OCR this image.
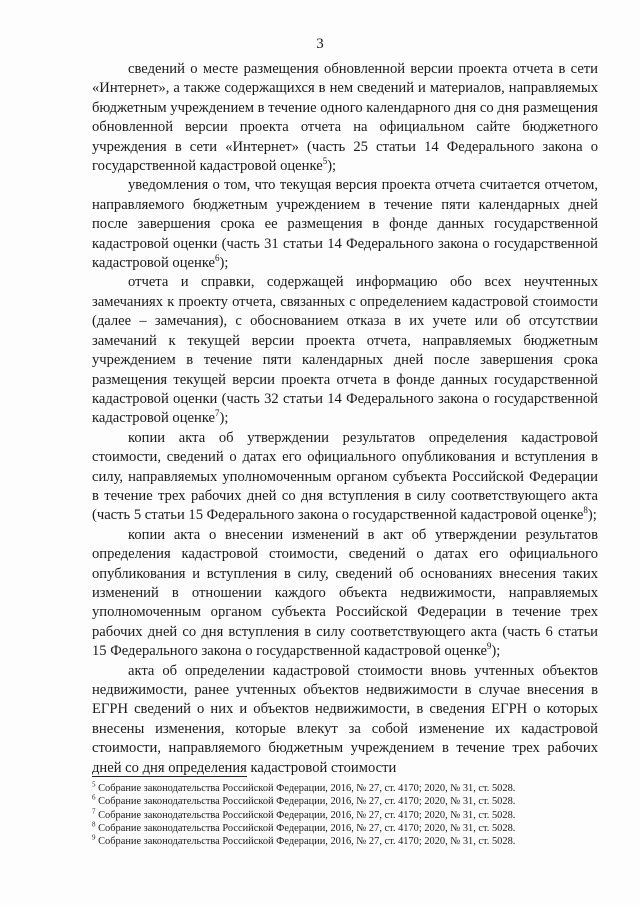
3

сведений о месте размещения обновленной версии проекта отчета в сети «Интернет», а также содержащихся в нем сведений и материалов, направляемых бюджетным учреждением в течение одного календарного дня со дня размещения обновленной версии проекта отчета на официальном сайте бюджетного учреждения в сети «Интернет» (часть 25 статьи 14 Федерального закона о государственной кадастровой оценке$^5$);

уведомления о том, что текущая версия проекта отчета считается отчетом, направляемого бюджетным учреждением в течение пяти календарных дней после завершения срока ее размещения в фонде данных государственной кадастровой оценки (часть 31 статьи 14 Федерального закона о государственной кадастровой оценке$^6$);

отчета и справки, содержащей информацию обо всех неучтенных замечаниях к проекту отчета, связанных с определением кадастровой стоимости (далее – замечания), с обоснованием отказа в их учете или об отсутствии замечаний к текущей версии проекта отчета, направляемых бюджетным учреждением в течение пяти календарных дней после завершения срока размещения текущей версии проекта отчета в фонде данных государственной кадастровой оценки (часть 32 статьи 14 Федерального закона о государственной кадастровой оценке$^7$);

копии акта об утверждении результатов определения кадастровой стоимости, сведений о датах его официального опубликования и вступления в силу, направляемых уполномоченным органом субъекта Российской Федерации в течение трех рабочих дней со дня вступления в силу соответствующего акта (часть 5 статьи 15 Федерального закона о государственной кадастровой оценке$^8$);

копии акта о внесении изменений в акт об утверждении результатов определения кадастровой стоимости, сведений о датах его официального опубликования и вступления в силу, сведений об основаниях внесения таких изменений в отношении каждого объекта недвижимости, направляемых уполномоченным органом субъекта Российской Федерации в течение трех рабочих дней со дня вступления в силу соответствующего акта (часть 6 статьи 15 Федерального закона о государственной кадастровой оценке$^9$);

акта об определении кадастровой стоимости вновь учтенных объектов недвижимости, ранее учтенных объектов недвижимости в случае внесения в ЕГРН сведений о них и объектов недвижимости, в сведения ЕГРН о которых внесены изменения, которые влекут за собой изменение их кадастровой стоимости, направляемого бюджетным учреждением в течение трех рабочих дней со дня определения кадастровой стоимости

$^5$ Собрание законодательства Российской Федерации, 2016, № 27, ст. 4170; 2020, № 31, ст. 5028.

$^6$ Собрание законодательства Российской Федерации, 2016, № 27, ст. 4170; 2020, № 31, ст. 5028.

$^7$ Собрание законодательства Российской Федерации, 2016, № 27, ст. 4170; 2020, № 31, ст. 5028.

$^8$ Собрание законодательства Российской Федерации, 2016, № 27, ст. 4170; 2020, № 31, ст. 5028.

$^9$ Собрание законодательства Российской Федерации, 2016, № 27, ст. 4170; 2020, № 31, ст. 5028.
